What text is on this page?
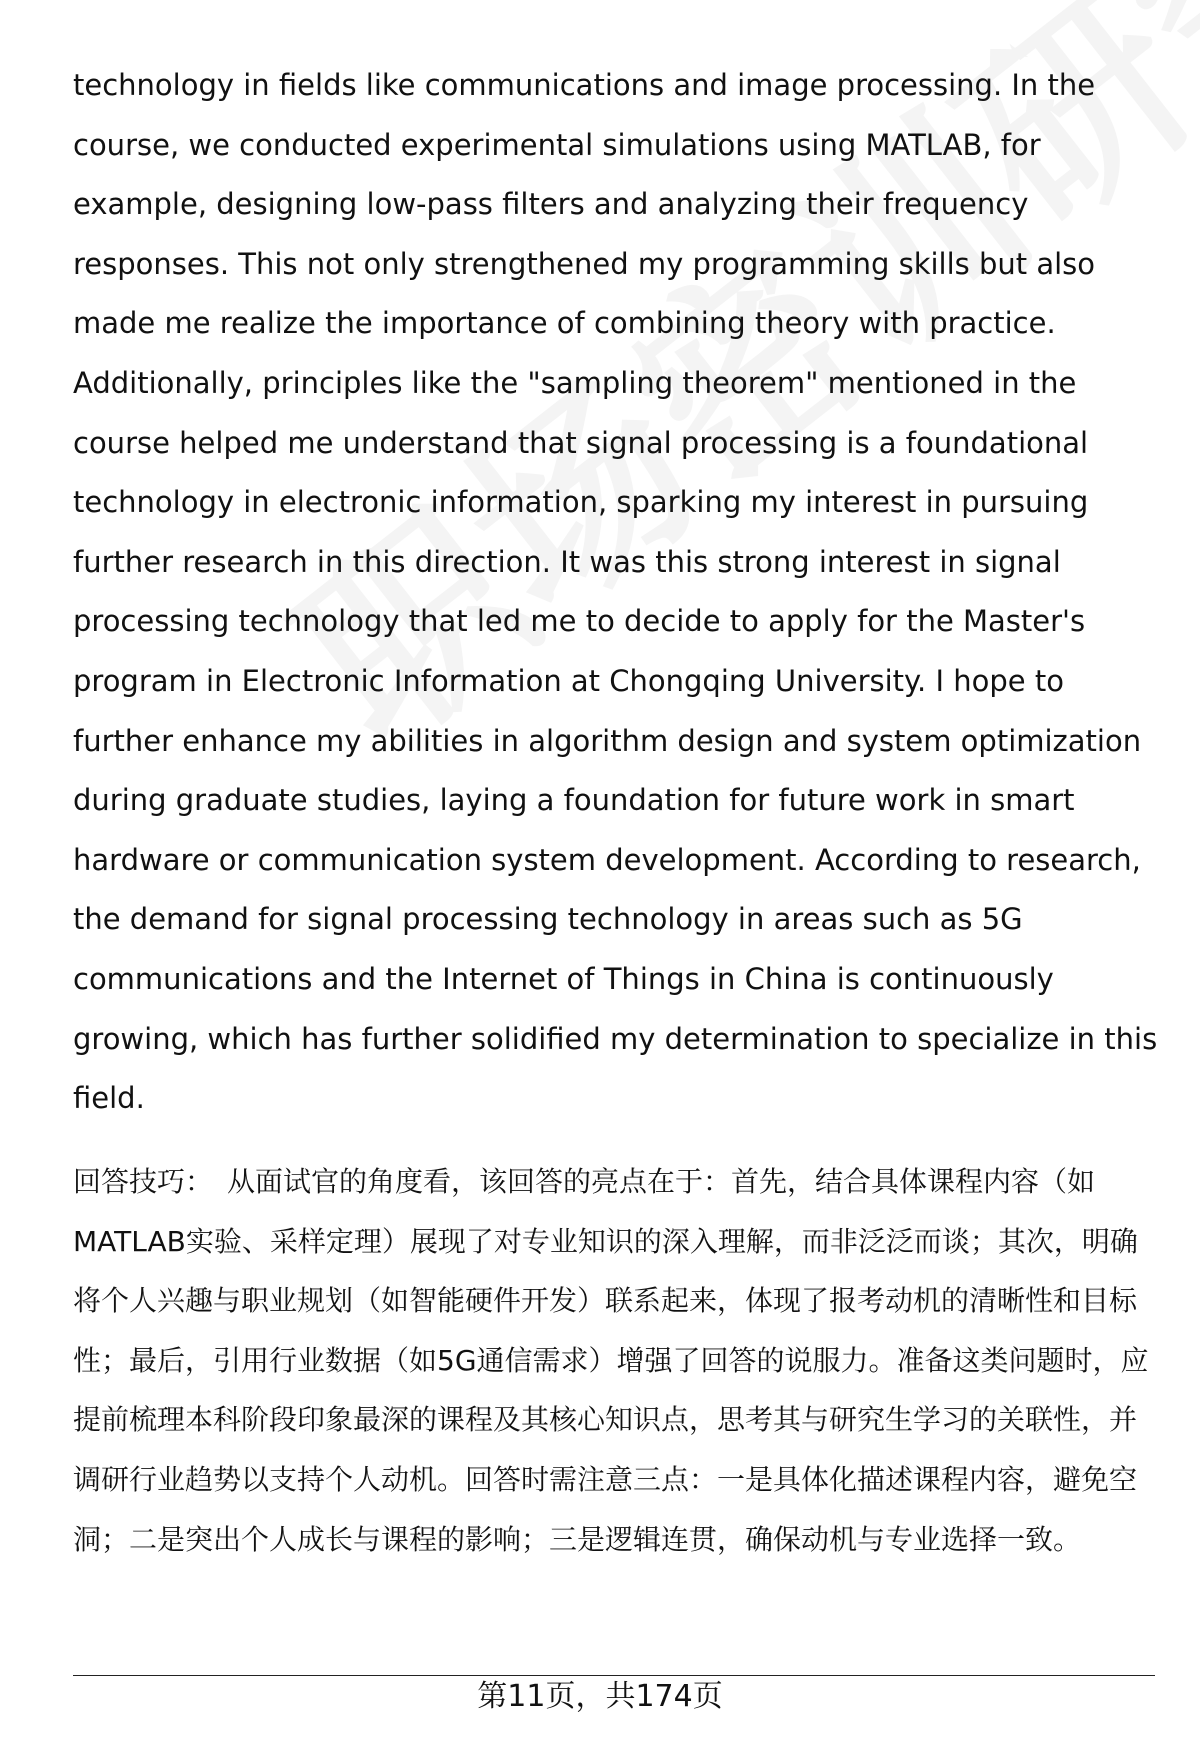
technology in fields like communications and image processing. In the course, we conducted experimental simulations using MATLAB, for example, designing low-pass filters and analyzing their frequency responses. This not only strengthened my programming skills but also made me realize the importance of combining theory with practice. Additionally, principles like the "sampling theorem" mentioned in the course helped me understand that signal processing is a foundational technology in electronic information, sparking my interest in pursuing further research in this direction. It was this strong interest in signal processing technology that led me to decide to apply for the Master's program in Electronic Information at Chongqing University. I hope to further enhance my abilities in algorithm design and system optimization during graduate studies, laying a foundation for future work in smart hardware or communication system development. According to research, the demand for signal processing technology in areas such as 5G communications and the Internet of Things in China is continuously growing, which has further solidified my determination to specialize in this field.

回答技巧： 从面试官的角度看，该回答的亮点在于：首先，结合具体课程内容（如MATLAB实验、采样定理）展现了对专业知识的深入理解，而非泛泛而谈；其次，明确将个人兴趣与职业规划（如智能硬件开发）联系起来，体现了报考动机的清晰性和目标性；最后，引用行业数据（如5G通信需求）增强了回答的说服力。准备这类问题时，应提前梳理本科阶段印象最深的课程及其核心知识点，思考其与研究生学习的关联性，并调研行业趋势以支持个人动机。回答时需注意三点：一是具体化描述课程内容，避免空洞；二是突出个人成长与课程的影响；三是逻辑连贯，确保动机与专业选择一致。

第11页，共174页
